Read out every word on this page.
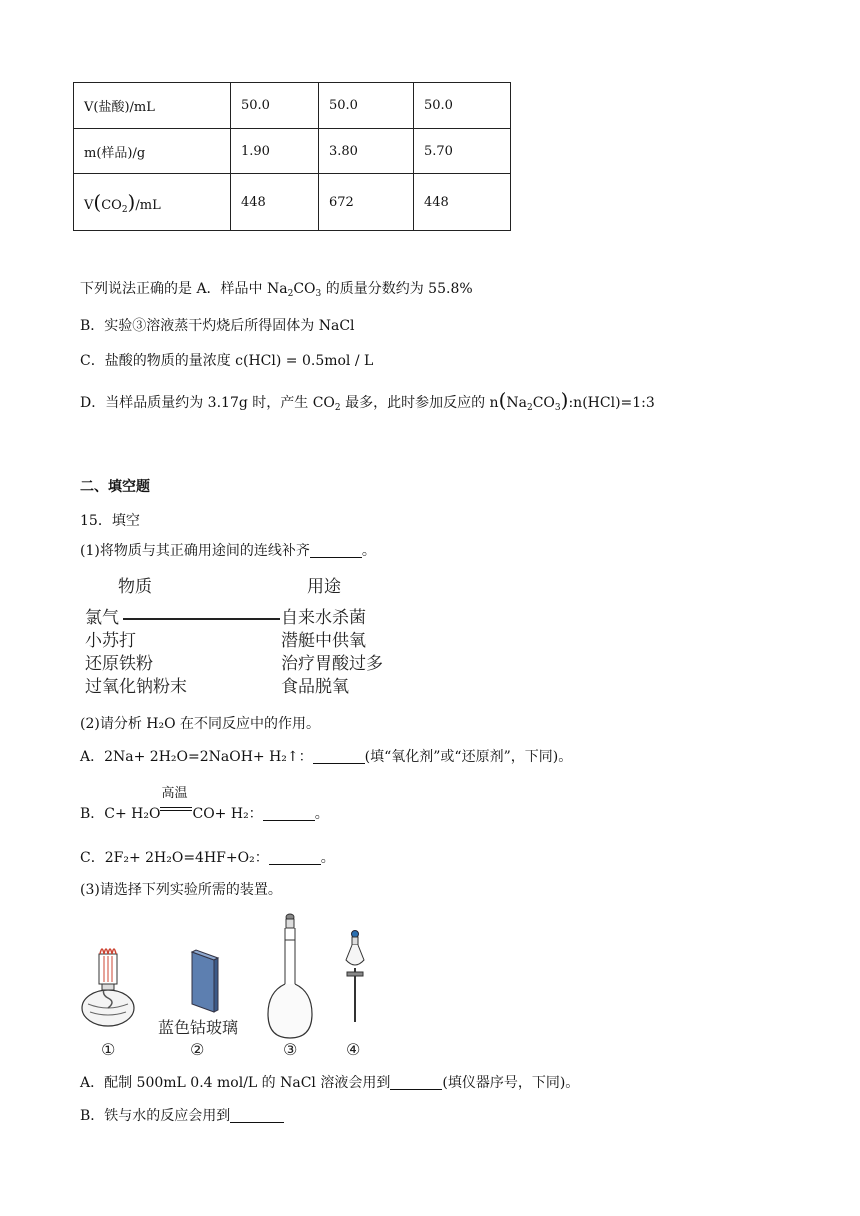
V(盐酸)/mL	50.0	50.0	50.0
m(样品)/g	1.90	3.80	5.70
$V(CO_2)/mL$	448	672	448
下列说法正确的是 A．样品中 $Na_2CO_3$ 的质量分数约为 55.8%
B．实验③溶液蒸干灼烧后所得固体为 NaCl
C．盐酸的物质的量浓度 c(HCl) = 0.5mol / L
D．当样品质量约为 3.17g 时，产生 $CO_2$ 最多，此时参加反应的 $n(Na_2CO_3):n(HCl)=1:3$
二、填空题
15．填空
(1)将物质与其正确用途间的连线补齐	。
物质	用途
氯气
小苏打
还原铁粉
过氧化钠粉末
自来水杀菌
潜艇中供氧
治疗胃酸过多
食品脱氧
(2)请分析 H₂O 在不同反应中的作用。
A．2Na+ 2H₂O=2NaOH+ H₂↑：	(填“氧化剂”或“还原剂”，下同)。
B．C+ H₂O
高温
CO+ H₂：	。
C．2F₂+ 2H₂O=4HF+O₂：	。
(3)请选择下列实验所需的装置。
蓝色钴玻璃
①	②	③	④
A．配制 500mL 0.4 mol/L 的 NaCl 溶液会用到	(填仪器序号，下同)。
B．铁与水的反应会用到
